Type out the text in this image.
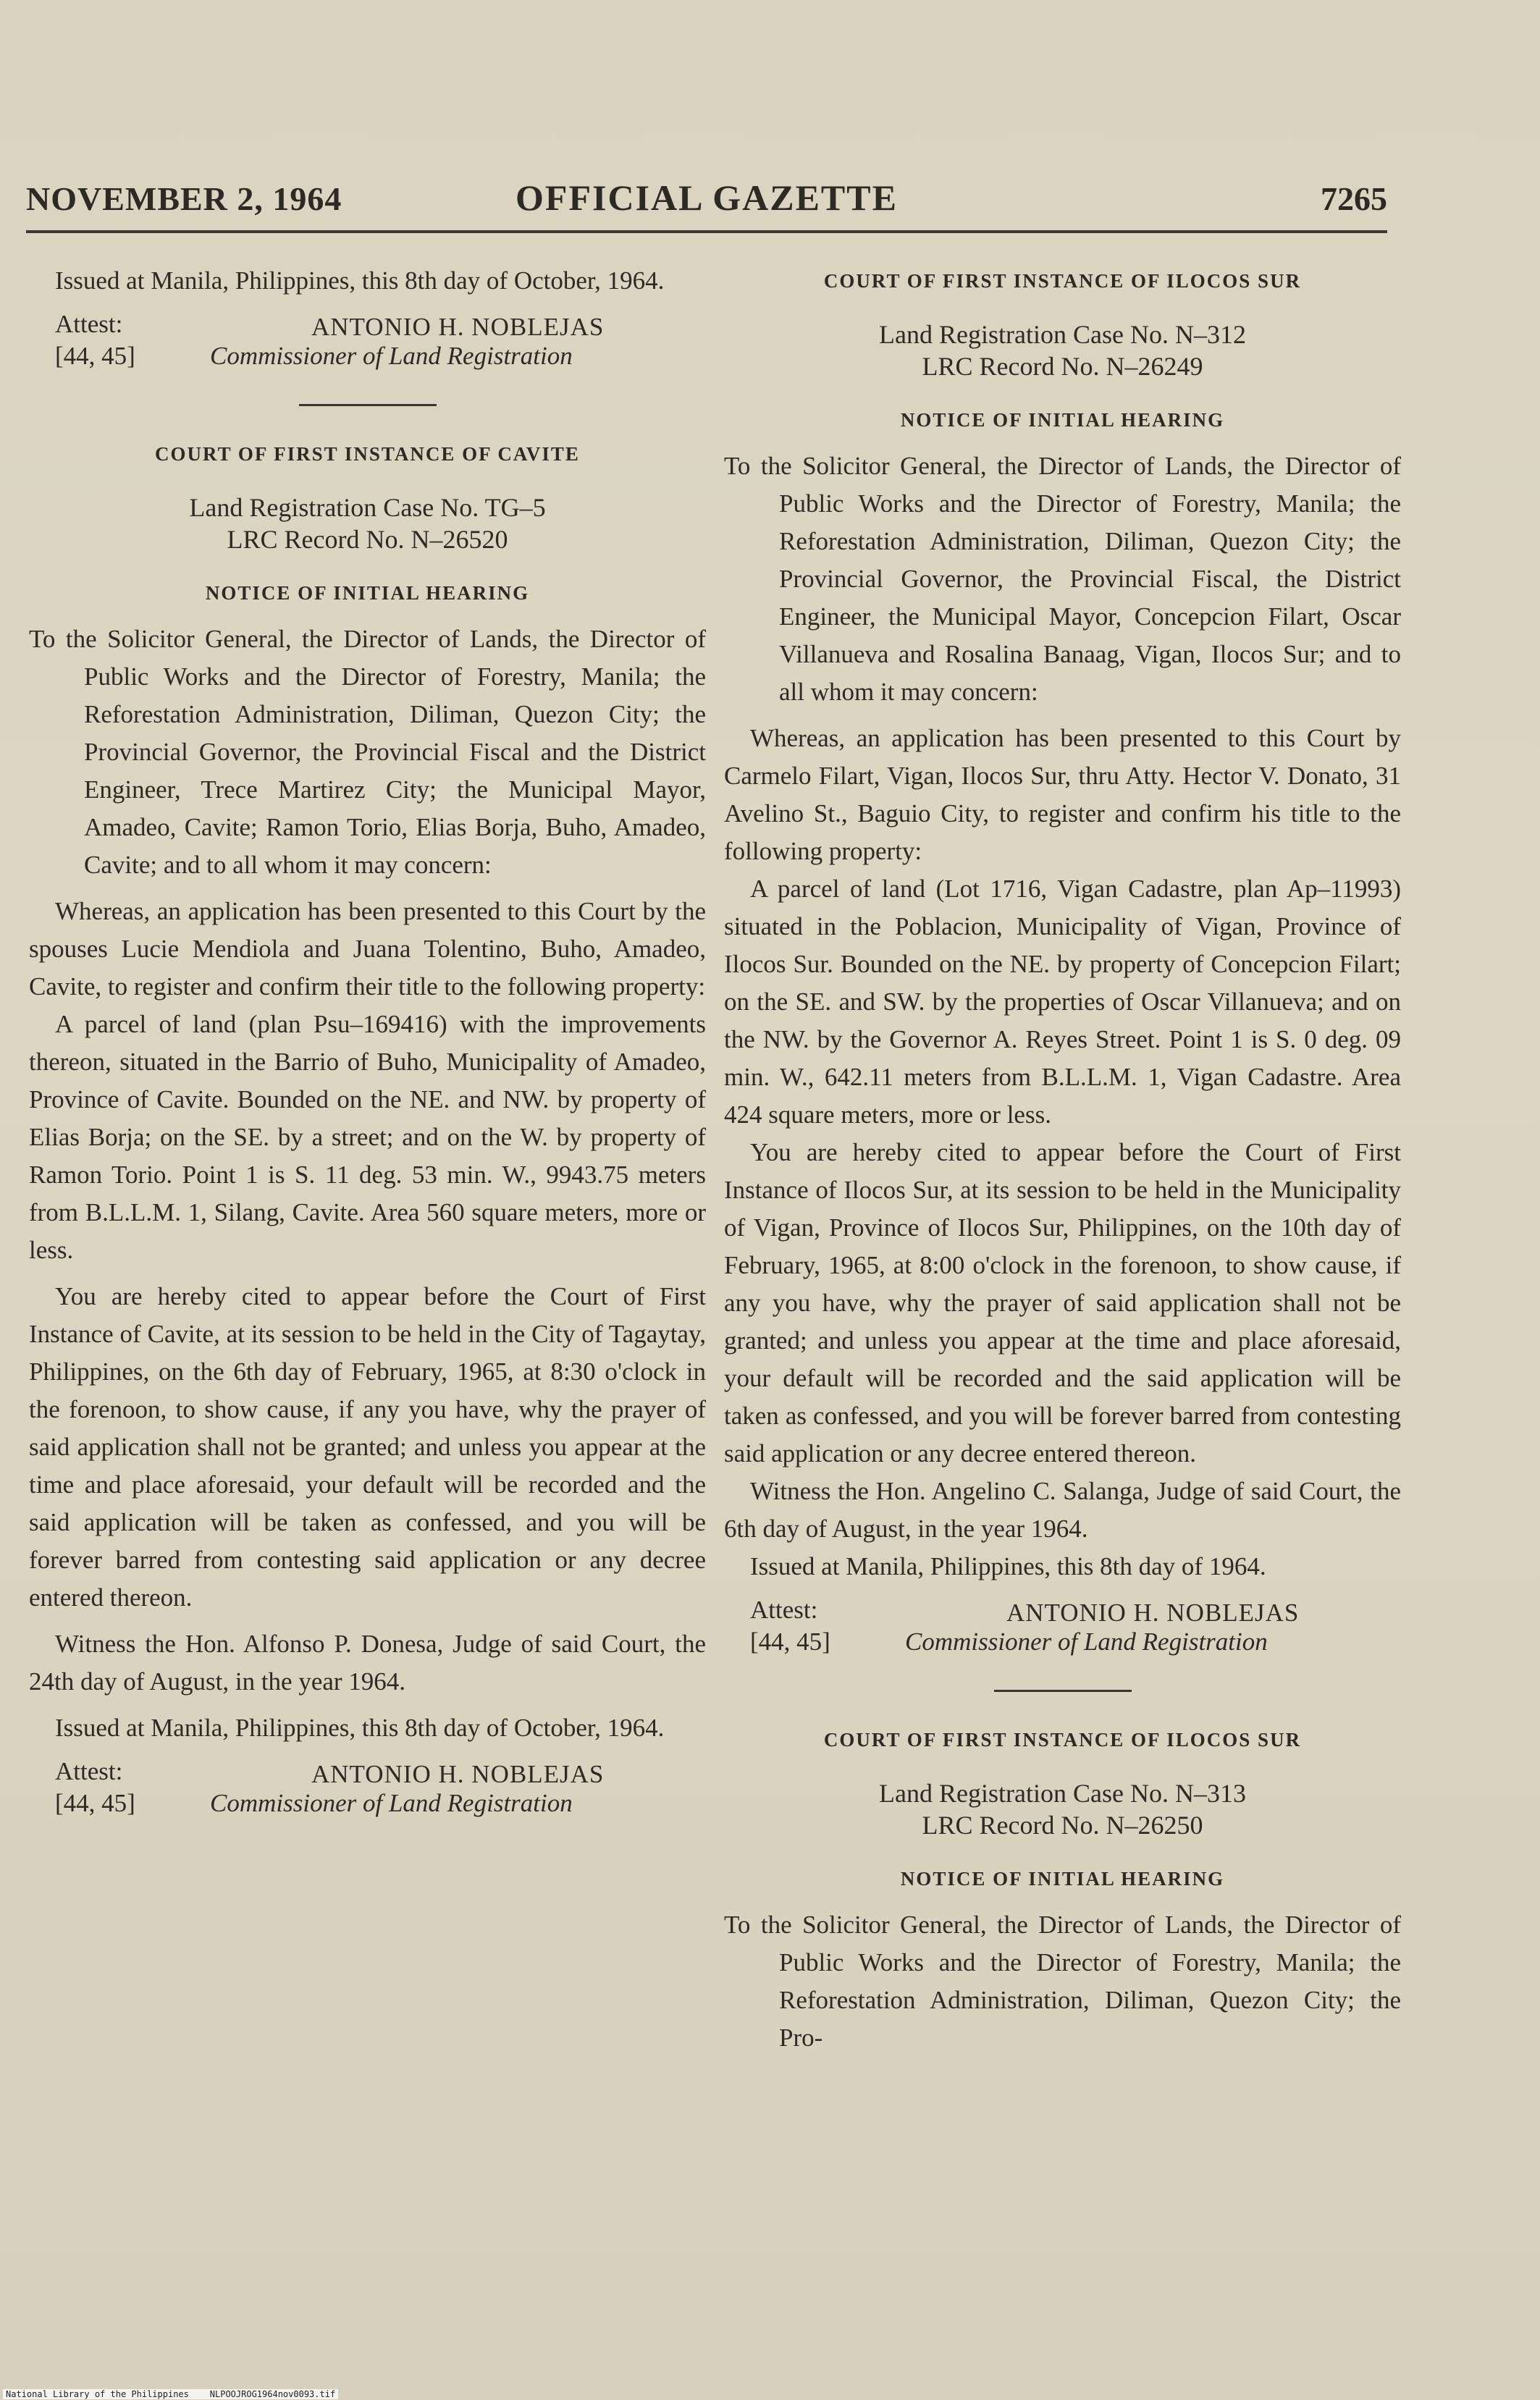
NOVEMBER 2, 1964	OFFICIAL GAZETTE	7265

Issued at Manila, Philippines, this 8th day of October, 1964.

Attest:
[44, 45]
ANTONIO H. NOBLEJAS
Commissioner of Land Registration

COURT OF FIRST INSTANCE OF CAVITE

Land Registration Case No. TG–5

LRC Record No. N–26520

NOTICE OF INITIAL HEARING

To the Solicitor General, the Director of Lands, the Director of Public Works and the Director of Forestry, Manila; the Reforestation Administration, Diliman, Quezon City; the Provincial Governor, the Provincial Fiscal and the District Engineer, Trece Martirez City; the Municipal Mayor, Amadeo, Cavite; Ramon Torio, Elias Borja, Buho, Amadeo, Cavite; and to all whom it may concern:

Whereas, an application has been presented to this Court by the spouses Lucie Mendiola and Juana Tolentino, Buho, Amadeo, Cavite, to register and confirm their title to the following property:

A parcel of land (plan Psu–169416) with the improvements thereon, situated in the Barrio of Buho, Municipality of Amadeo, Province of Cavite. Bounded on the NE. and NW. by property of Elias Borja; on the SE. by a street; and on the W. by property of Ramon Torio. Point 1 is S. 11 deg. 53 min. W., 9943.75 meters from B.L.L.M. 1, Silang, Cavite. Area 560 square meters, more or less.

You are hereby cited to appear before the Court of First Instance of Cavite, at its session to be held in the City of Tagaytay, Philippines, on the 6th day of February, 1965, at 8:30 o'clock in the forenoon, to show cause, if any you have, why the prayer of said application shall not be granted; and unless you appear at the time and place aforesaid, your default will be recorded and the said application will be taken as confessed, and you will be forever barred from contesting said application or any decree entered thereon.

Witness the Hon. Alfonso P. Donesa, Judge of said Court, the 24th day of August, in the year 1964.

Issued at Manila, Philippines, this 8th day of October, 1964.

Attest:
[44, 45]
ANTONIO H. NOBLEJAS
Commissioner of Land Registration

COURT OF FIRST INSTANCE OF ILOCOS SUR

Land Registration Case No. N–312

LRC Record No. N–26249

NOTICE OF INITIAL HEARING

To the Solicitor General, the Director of Lands, the Director of Public Works and the Director of Forestry, Manila; the Reforestation Administration, Diliman, Quezon City; the Provincial Governor, the Provincial Fiscal, the District Engineer, the Municipal Mayor, Concepcion Filart, Oscar Villanueva and Rosalina Banaag, Vigan, Ilocos Sur; and to all whom it may concern:

Whereas, an application has been presented to this Court by Carmelo Filart, Vigan, Ilocos Sur, thru Atty. Hector V. Donato, 31 Avelino St., Baguio City, to register and confirm his title to the following property:

A parcel of land (Lot 1716, Vigan Cadastre, plan Ap–11993) situated in the Poblacion, Municipality of Vigan, Province of Ilocos Sur. Bounded on the NE. by property of Concepcion Filart; on the SE. and SW. by the properties of Oscar Villanueva; and on the NW. by the Governor A. Reyes Street. Point 1 is S. 0 deg. 09 min. W., 642.11 meters from B.L.L.M. 1, Vigan Cadastre. Area 424 square meters, more or less.

You are hereby cited to appear before the Court of First Instance of Ilocos Sur, at its session to be held in the Municipality of Vigan, Province of Ilocos Sur, Philippines, on the 10th day of February, 1965, at 8:00 o'clock in the forenoon, to show cause, if any you have, why the prayer of said application shall not be granted; and unless you appear at the time and place aforesaid, your default will be recorded and the said application will be taken as confessed, and you will be forever barred from contesting said application or any decree entered thereon.

Witness the Hon. Angelino C. Salanga, Judge of said Court, the 6th day of August, in the year 1964.

Issued at Manila, Philippines, this 8th day of 1964.

Attest:
[44, 45]
ANTONIO H. NOBLEJAS
Commissioner of Land Registration

COURT OF FIRST INSTANCE OF ILOCOS SUR

Land Registration Case No. N–313

LRC Record No. N–26250

NOTICE OF INITIAL HEARING

To the Solicitor General, the Director of Lands, the Director of Public Works and the Director of Forestry, Manila; the Reforestation Administration, Diliman, Quezon City; the Pro-

National Library of the Philippines NLPOOJROG1964nov0093.tif
